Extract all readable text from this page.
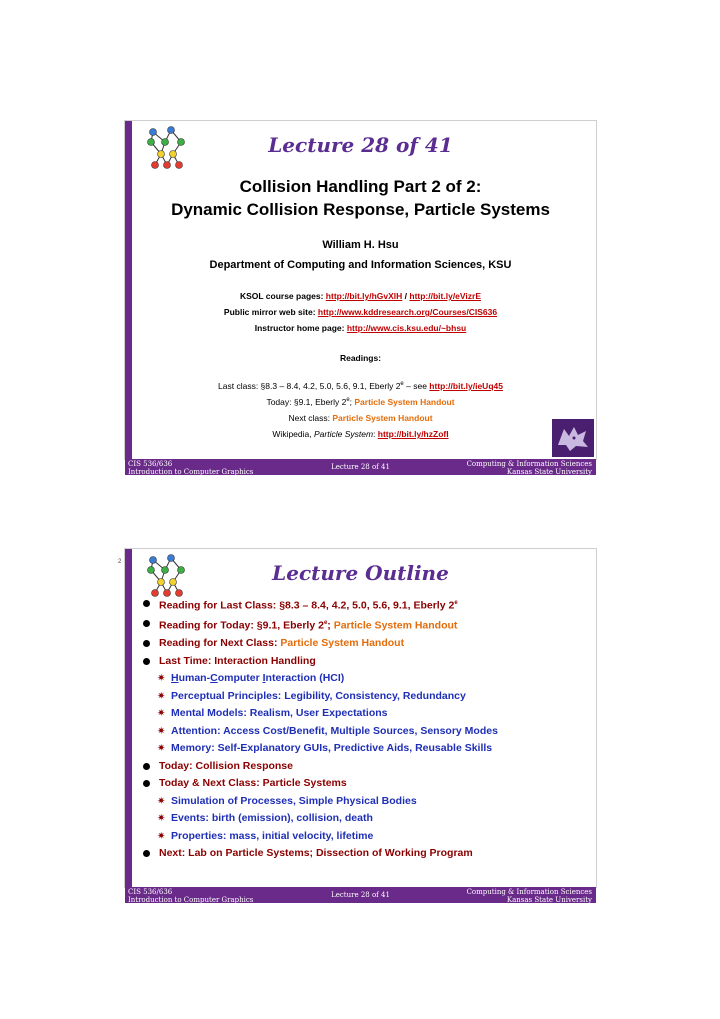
Lecture 28 of 41
Collision Handling Part 2 of 2:
Dynamic Collision Response, Particle Systems
William H. Hsu
Department of Computing and Information Sciences, KSU
KSOL course pages: http://bit.ly/hGvXlH / http://bit.ly/eVizrE
Public mirror web site: http://www.kddresearch.org/Courses/CIS636
Instructor home page: http://www.cis.ksu.edu/~bhsu
Readings:
Last class: §8.3 – 8.4, 4.2, 5.0, 5.6, 9.1, Eberly 2e – see http://bit.ly/ieUq45
Today: §9.1, Eberly 2e; Particle System Handout
Next class: Particle System Handout
Wikipedia, Particle System: http://bit.ly/hzZofI
CIS 536/636
Introduction to Computer Graphics
Lecture 28 of 41	Computing & Information Sciences
Kansas State University
2	Lecture Outline
Reading for Last Class: §8.3 – 8.4, 4.2, 5.0, 5.6, 9.1, Eberly 2e
Reading for Today: §9.1, Eberly 2e; Particle System Handout
Reading for Next Class: Particle System Handout
Last Time: Interaction Handling
✷ Human-Computer Interaction (HCI)
✷ Perceptual Principles: Legibility, Consistency, Redundancy
✷ Mental Models: Realism, User Expectations
✷ Attention: Access Cost/Benefit, Multiple Sources, Sensory Modes
✷ Memory: Self-Explanatory GUIs, Predictive Aids, Reusable Skills
Today: Collision Response
Today & Next Class: Particle Systems
✷ Simulation of Processes, Simple Physical Bodies
✷ Events: birth (emission), collision, death
✷ Properties: mass, initial velocity, lifetime
Next: Lab on Particle Systems; Dissection of Working Program
CIS 536/636
Introduction to Computer Graphics
Lecture 28 of 41	Computing & Information Sciences
Kansas State University
